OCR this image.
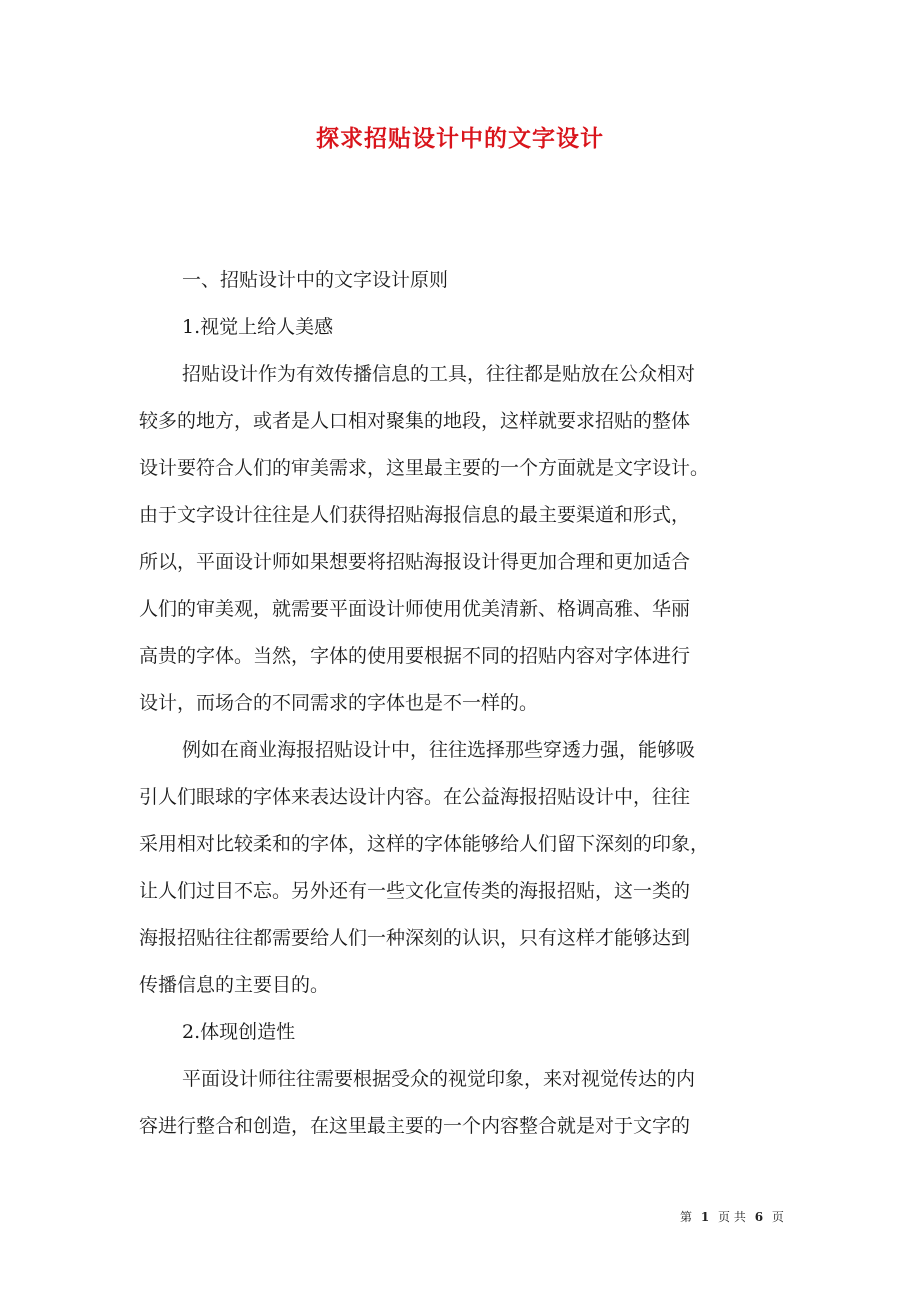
探求招贴设计中的文字设计

一、招贴设计中的文字设计原则

1.视觉上给人美感

招贴设计作为有效传播信息的工具，往往都是贴放在公众相对

较多的地方，或者是人口相对聚集的地段，这样就要求招贴的整体

设计要符合人们的审美需求，这里最主要的一个方面就是文字设计。

由于文字设计往往是人们获得招贴海报信息的最主要渠道和形式，

所以，平面设计师如果想要将招贴海报设计得更加合理和更加适合

人们的审美观，就需要平面设计师使用优美清新、格调高雅、华丽

高贵的字体。当然，字体的使用要根据不同的招贴内容对字体进行

设计，而场合的不同需求的字体也是不一样的。

例如在商业海报招贴设计中，往往选择那些穿透力强，能够吸

引人们眼球的字体来表达设计内容。在公益海报招贴设计中，往往

采用相对比较柔和的字体，这样的字体能够给人们留下深刻的印象，

让人们过目不忘。另外还有一些文化宣传类的海报招贴，这一类的

海报招贴往往都需要给人们一种深刻的认识，只有这样才能够达到

传播信息的主要目的。

2.体现创造性

平面设计师往往需要根据受众的视觉印象，来对视觉传达的内

容进行整合和创造，在这里最主要的一个内容整合就是对于文字的

第 1 页 共 6 页
